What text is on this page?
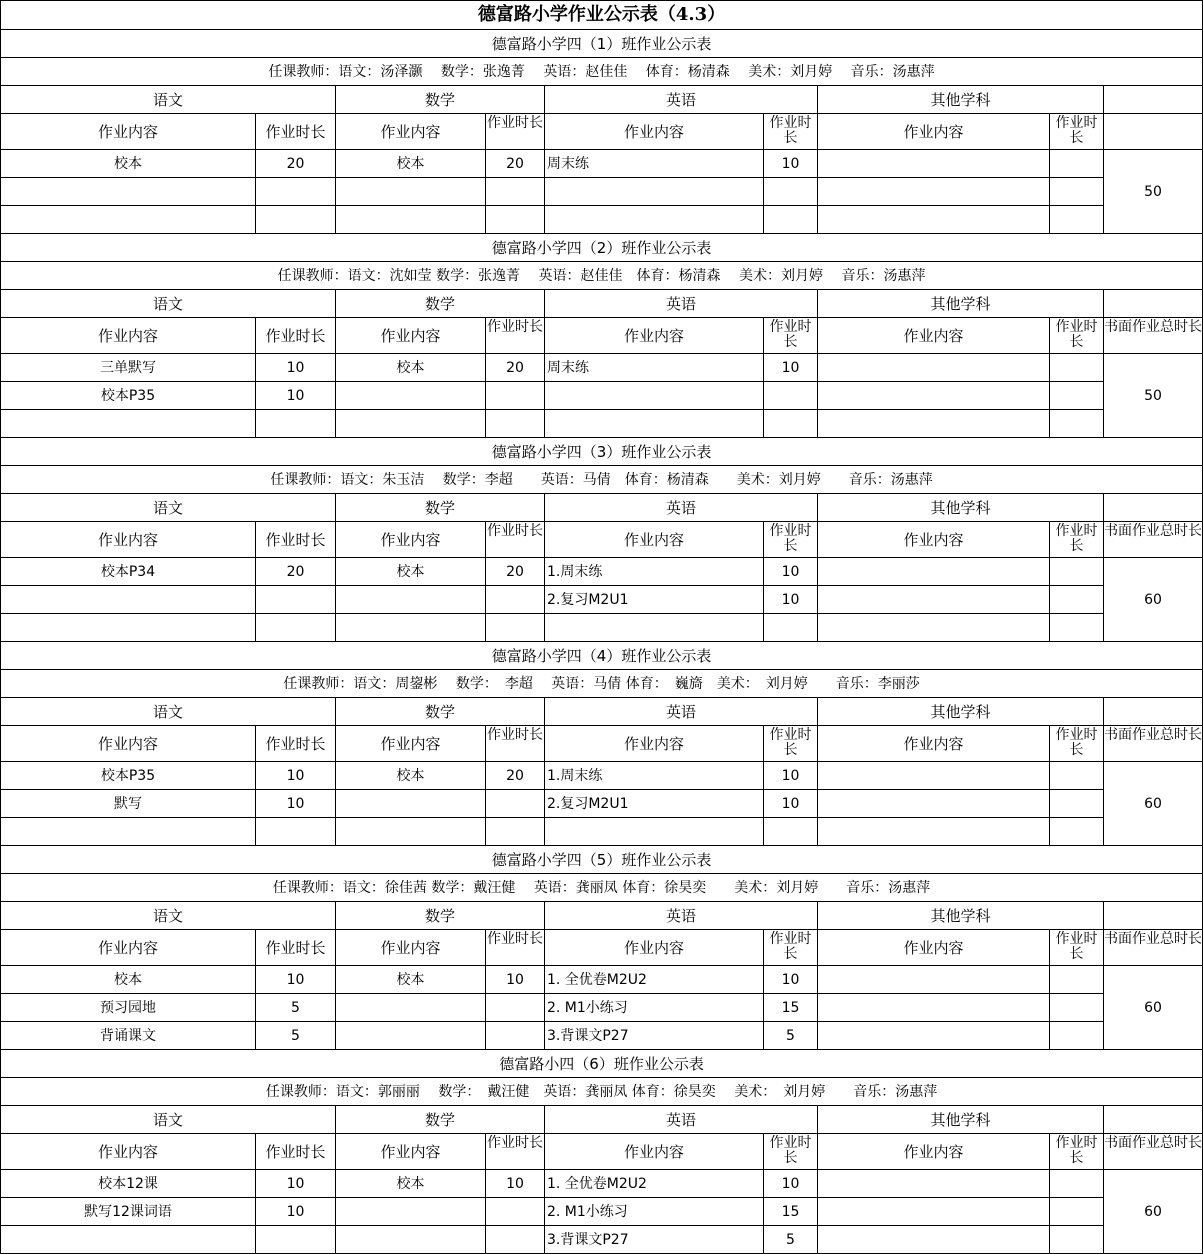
德富路小学作业公示表（4.3）								
德富路小学四（1）班作业公示表								
任课教师：语文：汤泽灏　 数学：张逸菁　 英语：赵佳佳　 体育：杨清森　 美术：刘月婷　 音乐：汤惠萍								
语文		数学		英语		其他学科		
作业内容	作业时长	作业内容	作业时长	作业内容	作业时长	作业内容	作业时长	
校本	20	校本	20	周末练	10			50

德富路小学四（2）班作业公示表								
任课教师：语文：沈如莹 数学：张逸菁　 英语：赵佳佳　体育：杨清森　 美术：刘月婷　 音乐：汤惠萍								
语文		数学		英语		其他学科		
作业内容	作业时长	作业内容	作业时长	作业内容	作业时长	作业内容	作业时长	书面作业总时长
三单默写	10	校本	20	周末练	10			50
校本P35	10							

德富路小学四（3）班作业公示表								
任课教师：语文：朱玉洁　 数学：李超　　英语：马倩　体育：杨清森　　美术：刘月婷　　音乐：汤惠萍								
语文		数学		英语		其他学科		
作业内容	作业时长	作业内容	作业时长	作业内容	作业时长	作业内容	作业时长	书面作业总时长
校本P34	20	校本	20	1.周末练	10			60
				2.复习M2U1	10			

德富路小学四（4）班作业公示表								
任课教师：语文：周鋆彬　 数学：　李超　 英语：马倩 体育：　巍旖　美术：　刘月婷　　音乐：李丽莎								
语文		数学		英语		其他学科		
作业内容	作业时长	作业内容	作业时长	作业内容	作业时长	作业内容	作业时长	书面作业总时长
校本P35	10	校本	20	1.周末练	10			60
默写	10			2.复习M2U1	10			

德富路小学四（5）班作业公示表								
任课教师：语文：徐佳茜 数学：戴汪健　 英语：龚丽凤 体育：徐昊奕　　美术：刘月婷　　音乐：汤惠萍								
语文		数学		英语		其他学科		
作业内容	作业时长	作业内容	作业时长	作业内容	作业时长	作业内容	作业时长	书面作业总时长
校本	10	校本	10	1. 全优卷M2U2	10			60
预习园地	5			2. M1小练习	15			
背诵课文	5			3.背课文P27	5			
德富路小四（6）班作业公示表								
任课教师：语文：郭丽丽　 数学：　戴汪健　英语：龚丽凤 体育：徐昊奕　 美术：　刘月婷　　音乐：汤惠萍								
语文		数学		英语		其他学科		
作业内容	作业时长	作业内容	作业时长	作业内容	作业时长	作业内容	作业时长	书面作业总时长
校本12课	10	校本	10	1. 全优卷M2U2	10			60
默写12课词语	10			2. M1小练习	15			
				3.背课文P27	5			
